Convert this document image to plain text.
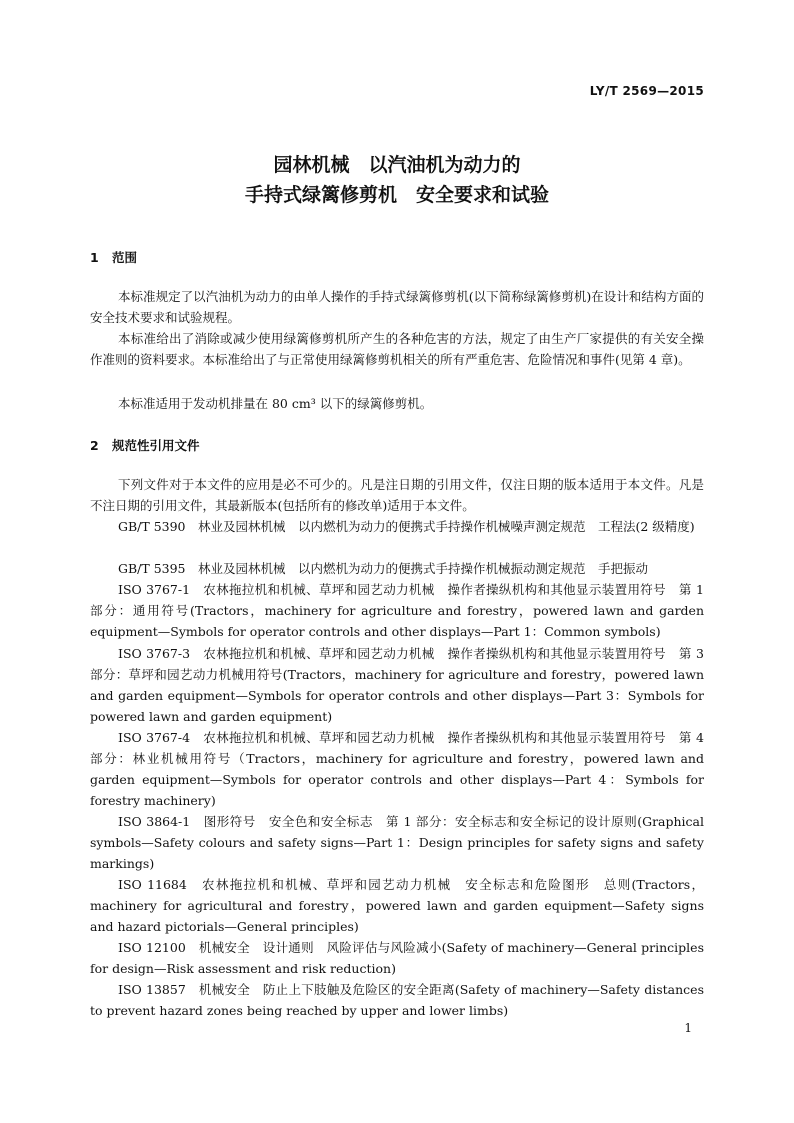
LY/T 2569—2015
园林机械　以汽油机为动力的
手持式绿篱修剪机　安全要求和试验
1 范围

本标准规定了以汽油机为动力的由单人操作的手持式绿篱修剪机(以下简称绿篱修剪机)在设计和结构方面的安全技术要求和试验规程。

本标准给出了消除或减少使用绿篱修剪机所产生的各种危害的方法，规定了由生产厂家提供的有关安全操作准则的资料要求。本标准给出了与正常使用绿篱修剪机相关的所有严重危害、危险情况和事件(见第 4 章)。

本标准适用于发动机排量在 80 cm³ 以下的绿篱修剪机。

2 规范性引用文件

下列文件对于本文件的应用是必不可少的。凡是注日期的引用文件，仅注日期的版本适用于本文件。凡是不注日期的引用文件，其最新版本(包括所有的修改单)适用于本文件。

GB/T 5390　林业及园林机械　以内燃机为动力的便携式手持操作机械噪声测定规范　工程法(2 级精度)

GB/T 5395　林业及园林机械　以内燃机为动力的便携式手持操作机械振动测定规范　手把振动

ISO 3767-1　农林拖拉机和机械、草坪和园艺动力机械　操作者操纵机构和其他显示装置用符号　第 1 部分：通用符号(Tractors，machinery for agriculture and forestry，powered lawn and garden equipment—Symbols for operator controls and other displays—Part 1：Common symbols)

ISO 3767-3　农林拖拉机和机械、草坪和园艺动力机械　操作者操纵机构和其他显示装置用符号　第 3 部分：草坪和园艺动力机械用符号(Tractors，machinery for agriculture and forestry，powered lawn and garden equipment—Symbols for operator controls and other displays—Part 3：Symbols for powered lawn and garden equipment)

ISO 3767-4　农林拖拉机和机械、草坪和园艺动力机械　操作者操纵机构和其他显示装置用符号　第 4 部分：林业机械用符号（Tractors，machinery for agriculture and forestry，powered lawn and garden equipment—Symbols for operator controls and other displays—Part 4：Symbols for forestry machinery)

ISO 3864-1　图形符号　安全色和安全标志　第 1 部分：安全标志和安全标记的设计原则(Graphical symbols—Safety colours and safety signs—Part 1：Design principles for safety signs and safety markings)

ISO 11684　农林拖拉机和机械、草坪和园艺动力机械　安全标志和危险图形　总则(Tractors，machinery for agricultural and forestry，powered lawn and garden equipment—Safety signs and hazard pictorials—General principles)

ISO 12100　机械安全　设计通则　风险评估与风险减小(Safety of machinery—General principles for design—Risk assessment and risk reduction)

ISO 13857　机械安全　防止上下肢触及危险区的安全距离(Safety of machinery—Safety distances to prevent hazard zones being reached by upper and lower limbs)

1
